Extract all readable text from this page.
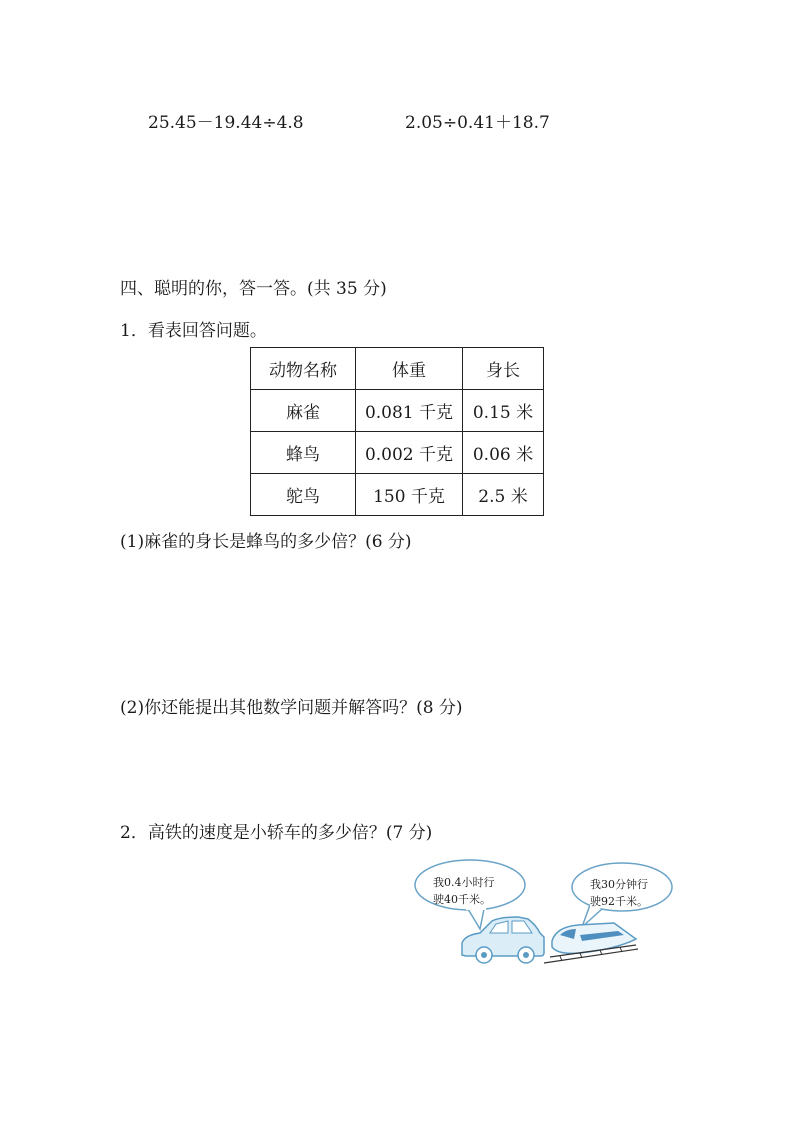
25.45－19.44÷4.8	2.05÷0.41＋18.7
四、聪明的你，答一答。(共 35 分)
1．看表回答问题。
动物名称	体重	身长
麻雀	0.081 千克	0.15 米
蜂鸟	0.002 千克	0.06 米
鸵鸟	150 千克	2.5 米
(1)麻雀的身长是蜂鸟的多少倍？(6 分)
(2)你还能提出其他数学问题并解答吗？(8 分)
2．高铁的速度是小轿车的多少倍？(7 分)
我0.4小时行
驶40千米。
我30分钟行
驶92千米。
